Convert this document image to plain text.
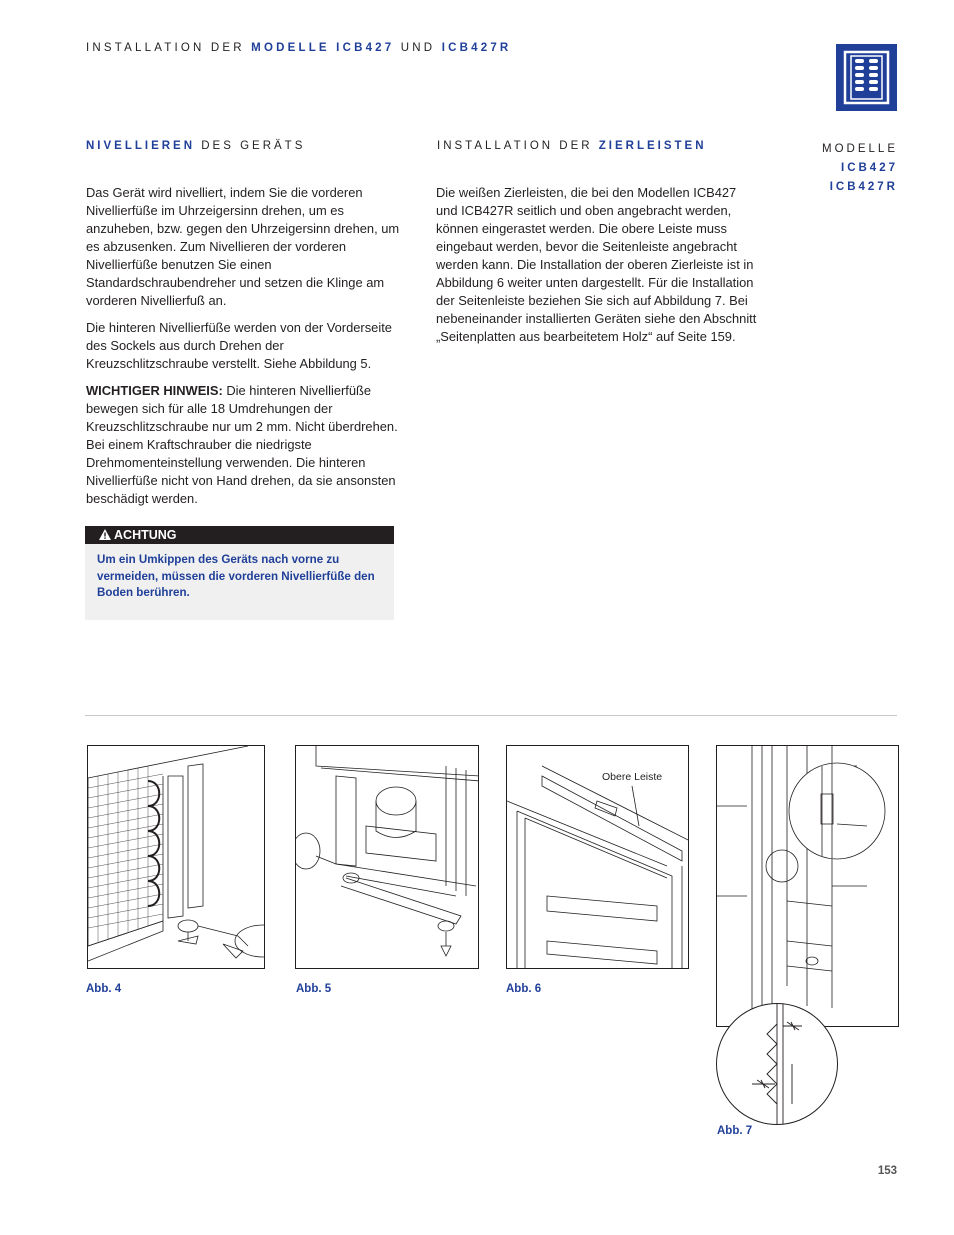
INSTALLATION DER MODELLE ICB427 UND ICB427R
NIVELLIEREN DES GERÄTS	INSTALLATION DER ZIERLEISTEN	MODELLE
ICB427
ICB427R

Das Gerät wird nivelliert, indem Sie die vorderen Nivellierfüße im Uhrzeigersinn drehen, um es anzuheben, bzw. gegen den Uhrzeigersinn drehen, um es abzusenken. Zum Nivellieren der vorderen Nivellierfüße benutzen Sie einen Standardschraubendreher und setzen die Klinge am vorderen Nivellierfuß an.

Die hinteren Nivellierfüße werden von der Vorderseite des Sockels aus durch Drehen der Kreuzschlitzschraube verstellt. Siehe Abbildung 5.

WICHTIGER HINWEIS: Die hinteren Nivellierfüße bewegen sich für alle 18 Umdrehungen der Kreuzschlitzschraube nur um 2 mm. Nicht überdrehen. Bei einem Kraftschrauber die niedrigste Drehmomenteinstellung verwenden. Die hinteren Nivellierfüße nicht von Hand drehen, da sie ansonsten beschädigt werden.

ACHTUNG
Um ein Umkippen des Geräts nach vorne zu vermeiden, müssen die vorderen Nivellierfüße den Boden berühren.

Die weißen Zierleisten, die bei den Modellen ICB427 und ICB427R seitlich und oben angebracht werden, können eingerastet werden. Die obere Leiste muss eingebaut werden, bevor die Seitenleiste angebracht werden kann. Die Installation der oberen Zierleiste ist in Abbildung 6 weiter unten dargestellt. Für die Installation der Seitenleiste beziehen Sie sich auf Abbildung 7. Bei nebeneinander installierten Geräten siehe den Abschnitt „Seitenplatten aus bearbeitetem Holz“ auf Seite 159.

Abb. 4	Abb. 5
Obere Leiste
Abb. 6
Abb. 7
153
